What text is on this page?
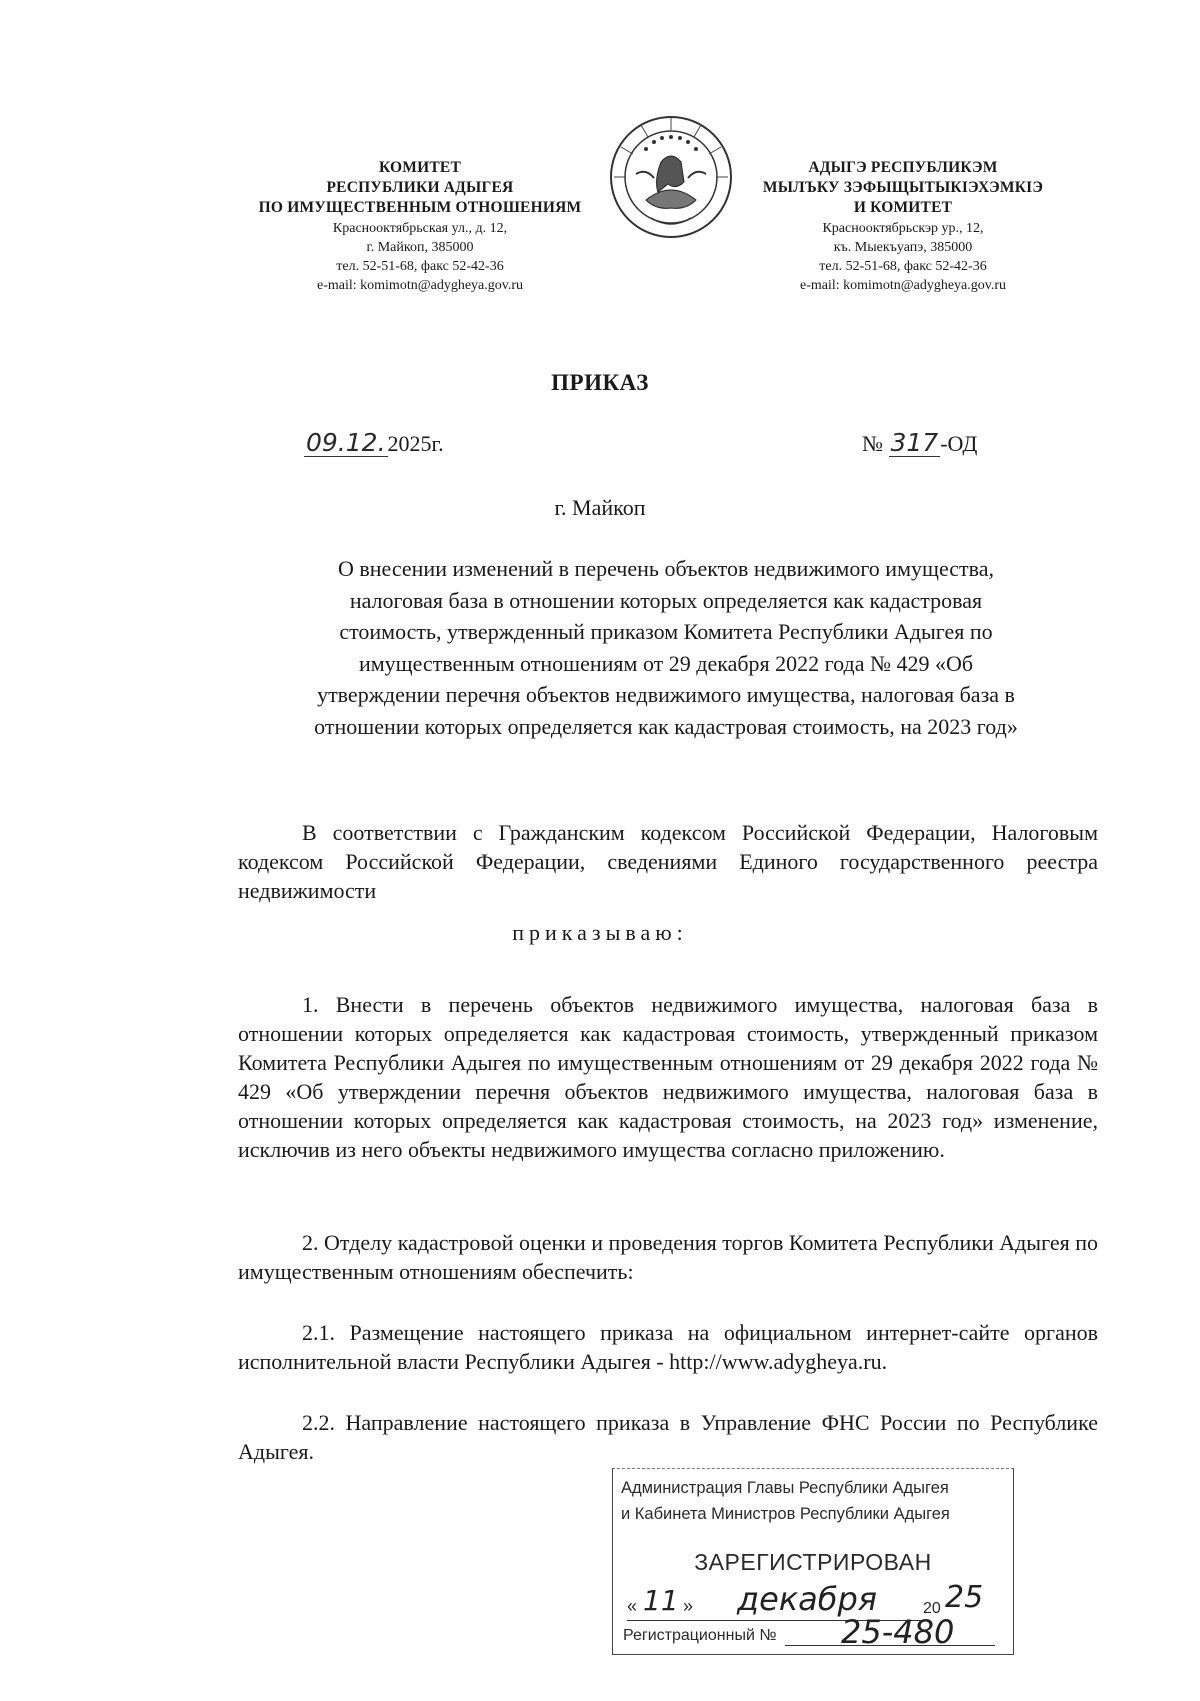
КОМИТЕТ
РЕСПУБЛИКИ АДЫГЕЯ
ПО ИМУЩЕСТВЕННЫМ ОТНОШЕНИЯМ
Краснооктябрьская ул., д. 12,
г. Майкоп, 385000
тел. 52-51-68, факс 52-42-36
e-mail: komimotn@adygheya.gov.ru
АДЫГЭ РЕСПУБЛИКЭМ
МЫЛЪКУ ЗЭФЫЩЫТЫКIЭХЭМКIЭ
И КОМИТЕТ
Краснооктябрьскэр ур., 12,
къ. Мыекъуапэ, 385000
тел. 52-51-68, факс 52-42-36
e-mail: komimotn@adygheya.gov.ru
ПРИКАЗ
09.12.2025г.	№ 317-ОД
г. Майкоп
О внесении изменений в перечень объектов недвижимого имущества,
налоговая база в отношении которых определяется как кадастровая
стоимость, утвержденный приказом Комитета Республики Адыгея по
имущественным отношениям от 29 декабря 2022 года № 429 «Об
утверждении перечня объектов недвижимого имущества, налоговая база в
отношении которых определяется как кадастровая стоимость, на 2023 год»
В соответствии с Гражданским кодексом Российской Федерации, Налоговым кодексом Российской Федерации, сведениями Единого государственного реестра недвижимости
приказываю:
1. Внести в перечень объектов недвижимого имущества, налоговая база в отношении которых определяется как кадастровая стоимость, утвержденный приказом Комитета Республики Адыгея по имущественным отношениям от 29 декабря 2022 года № 429 «Об утверждении перечня объектов недвижимого имущества, налоговая база в отношении которых определяется как кадастровая стоимость, на 2023 год» изменение, исключив из него объекты недвижимого имущества согласно приложению.
2. Отделу кадастровой оценки и проведения торгов Комитета Республики Адыгея по имущественным отношениям обеспечить:
2.1. Размещение настоящего приказа на официальном интернет-сайте органов исполнительной власти Республики Адыгея - http://www.adygheya.ru.
2.2. Направление настоящего приказа в Управление ФНС России по Республике Адыгея.
Администрация Главы Республики Адыгея
и Кабинета Министров Республики Адыгея
ЗАРЕГИСТРИРОВАН
« 11 » декабря	20 25
Регистрационный № 25-480
